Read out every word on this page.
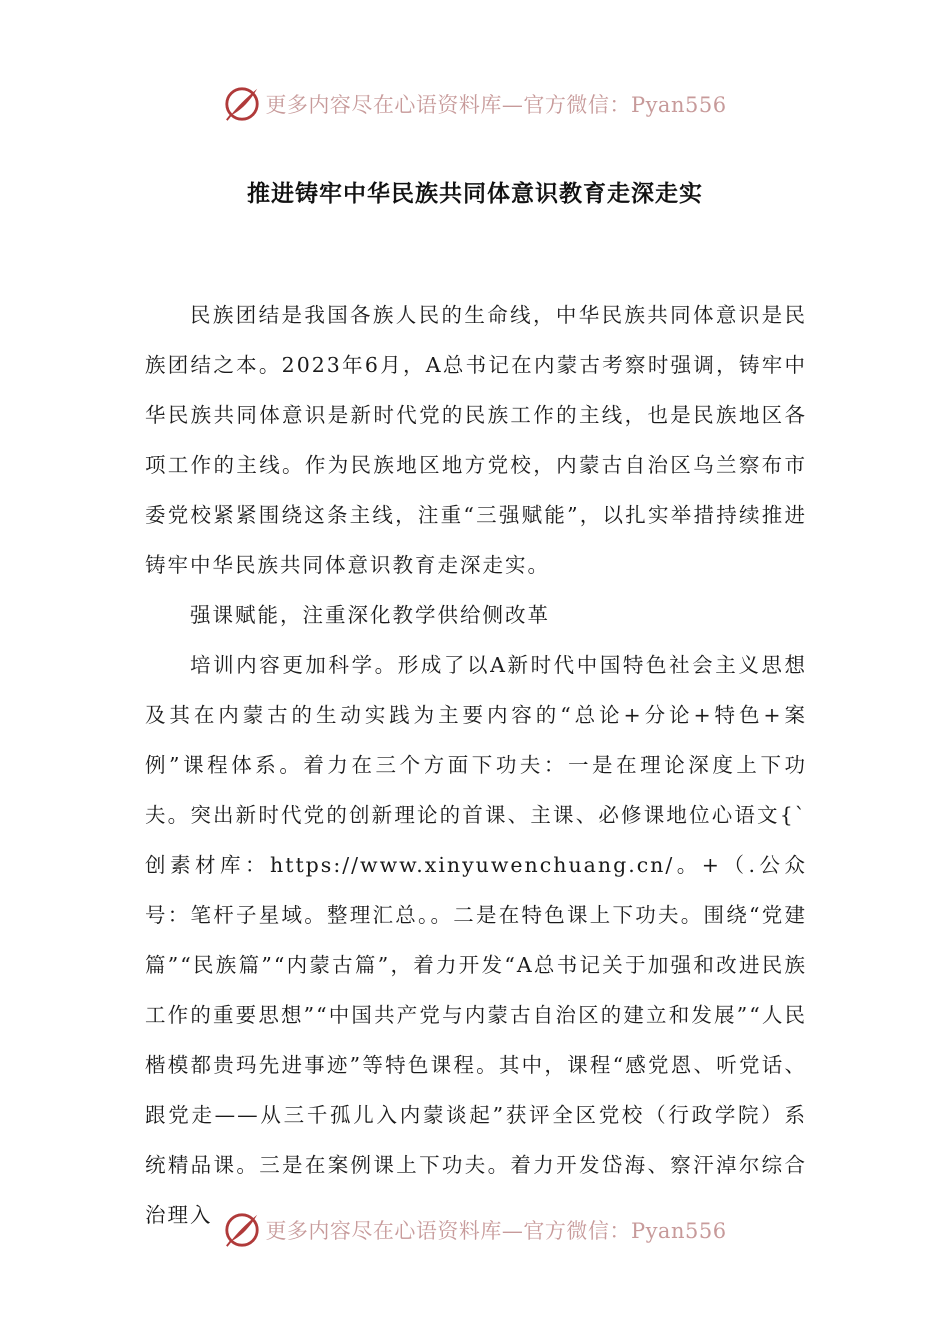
更多内容尽在心语资料库—官方微信：Pyan556
推进铸牢中华民族共同体意识教育走深走实

民族团结是我国各族人民的生命线，中华民族共同体意识是民族团结之本。2023年6月，A总书记在内蒙古考察时强调，铸牢中华民族共同体意识是新时代党的民族工作的主线，也是民族地区各项工作的主线。作为民族地区地方党校，内蒙古自治区乌兰察布市委党校紧紧围绕这条主线，注重“三强赋能”，以扎实举措持续推进铸牢中华民族共同体意识教育走深走实。

强课赋能，注重深化教学供给侧改革

培训内容更加科学。形成了以A新时代中国特色社会主义思想及其在内蒙古的生动实践为主要内容的“总论+分论+特色+案例”课程体系。着力在三个方面下功夫：一是在理论深度上下功夫。突出新时代党的创新理论的首课、主课、必修课地位心语文{`创素材库：https://www.xinyuwenchuang.cn/。+（.公众号：笔杆子星域。整理汇总。。二是在特色课上下功夫。围绕“党建篇”“民族篇”“内蒙古篇”，着力开发“A总书记关于加强和改进民族工作的重要思想”“中国共产党与内蒙古自治区的建立和发展”“人民楷模都贵玛先进事迹”等特色课程。其中，课程“感党恩、听党话、跟党走——从三千孤儿入内蒙谈起”获评全区党校（行政学院）系统精品课。三是在案例课上下功夫。着力开发岱海、察汗淖尔综合治理入

更多内容尽在心语资料库—官方微信：Pyan556
